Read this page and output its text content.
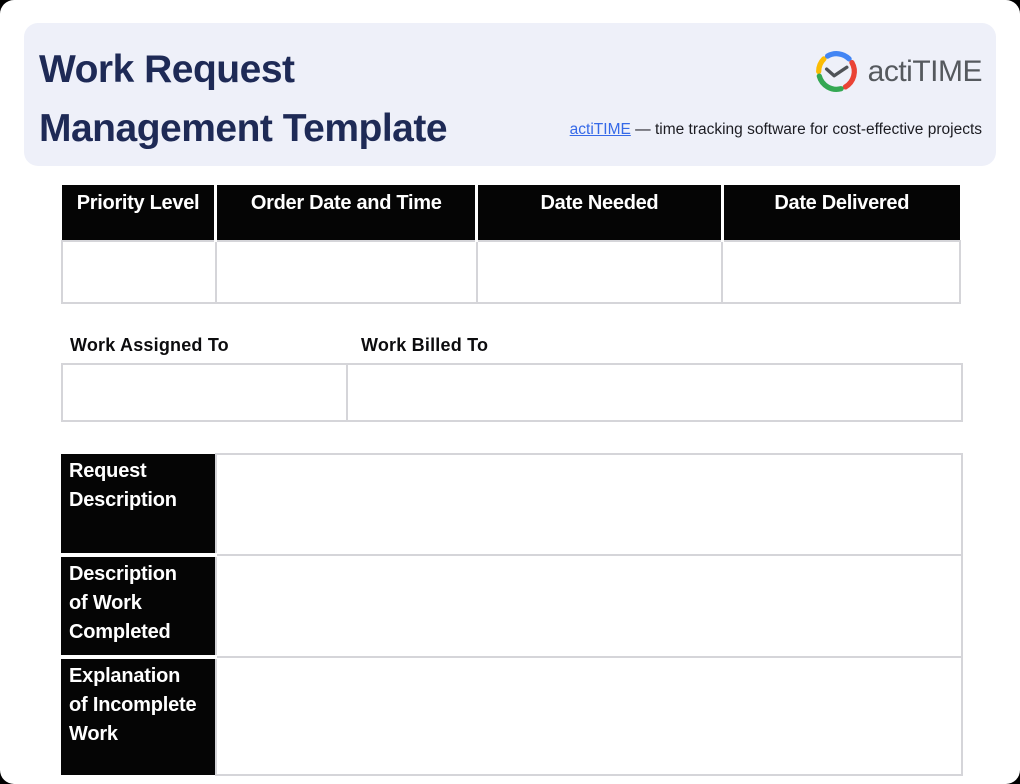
Work Request Management Template
actiTIME
actiTIME — time tracking software for cost-effective projects
Priority Level	Order Date and Time	Date Needed	Date Delivered

Work Assigned To	Work Billed To

Request Description	
Description of Work Completed	
Explanation of Incomplete Work	
